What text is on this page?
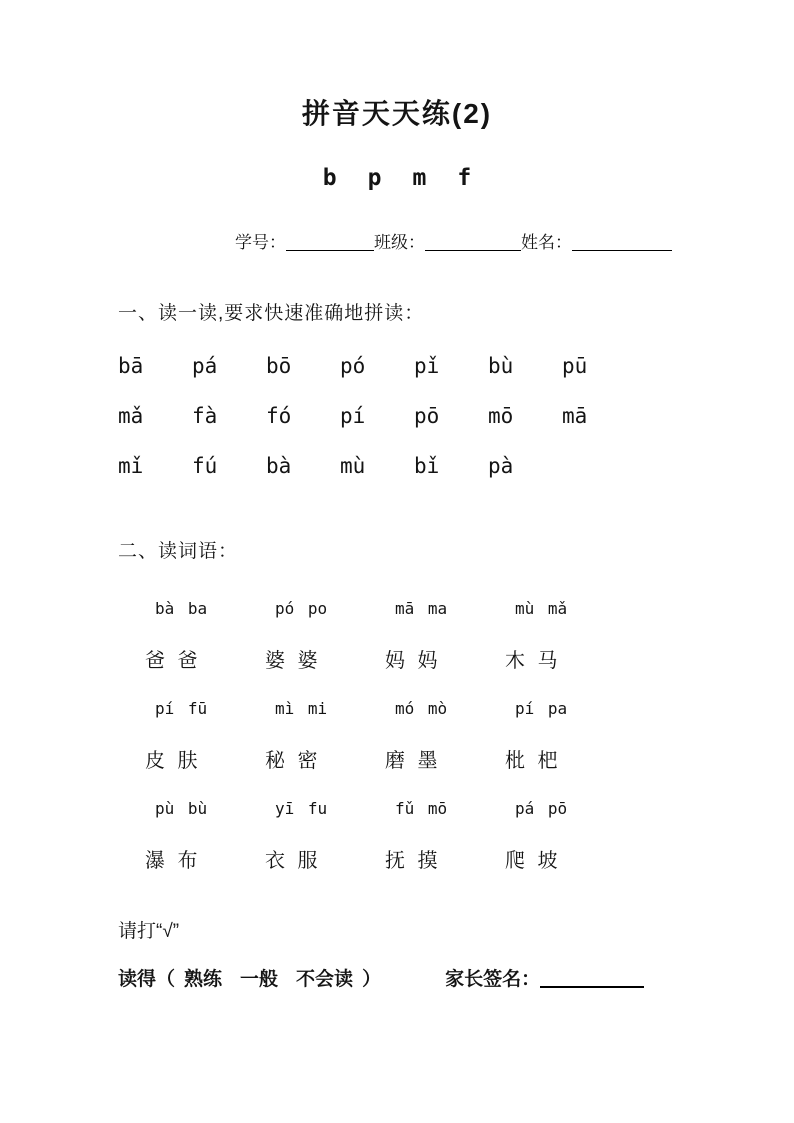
拼音天天练(2)
b p m f
学号：	班级：	姓名：
一、读一读,要求快速准确地拼读：
bā	pá	bō	pó	pǐ	bù	pū
mǎ	fà	fó	pí	pō	mō	mā
mǐ	fú	bà	mù	bǐ	pà
二、读词语：
bà ba	pó po	mā ma	mù mǎ
爸 爸	婆 婆	妈 妈	木 马
pí fū	mì mi	mó mò	pí pa
皮 肤	秘 密	磨 墨	枇 杷
pù bù	yī fu	fǔ mō	pá pō
瀑 布	衣 服	抚 摸	爬 坡
请打“√”
读得（ 熟练 一般 不会读 ）	家长签名：
